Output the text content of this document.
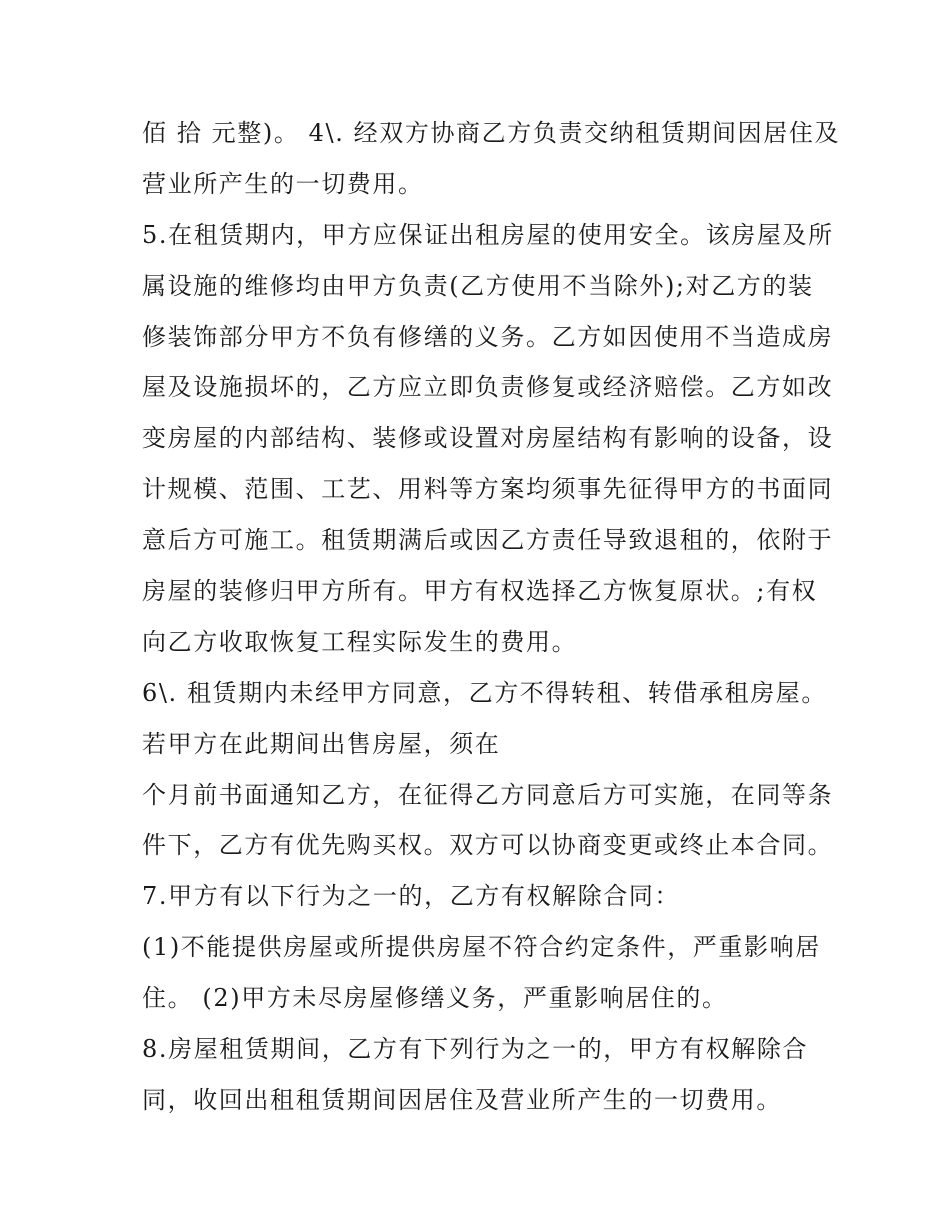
佰 拾 元整)。 4\. 经双方协商乙方负责交纳租赁期间因居住及
营业所产生的一切费用。
5.在租赁期内，甲方应保证出租房屋的使用安全。该房屋及所
属设施的维修均由甲方负责(乙方使用不当除外);对乙方的装
修装饰部分甲方不负有修缮的义务。乙方如因使用不当造成房
屋及设施损坏的，乙方应立即负责修复或经济赔偿。乙方如改
变房屋的内部结构、装修或设置对房屋结构有影响的设备，设
计规模、范围、工艺、用料等方案均须事先征得甲方的书面同
意后方可施工。租赁期满后或因乙方责任导致退租的，依附于
房屋的装修归甲方所有。甲方有权选择乙方恢复原状。;有权
向乙方收取恢复工程实际发生的费用。
6\. 租赁期内未经甲方同意，乙方不得转租、转借承租房屋。
若甲方在此期间出售房屋，须在
个月前书面通知乙方，在征得乙方同意后方可实施，在同等条
件下，乙方有优先购买权。双方可以协商变更或终止本合同。
7.甲方有以下行为之一的，乙方有权解除合同：
(1)不能提供房屋或所提供房屋不符合约定条件，严重影响居
住。 (2)甲方未尽房屋修缮义务，严重影响居住的。
8.房屋租赁期间，乙方有下列行为之一的，甲方有权解除合
同，收回出租租赁期间因居住及营业所产生的一切费用。
